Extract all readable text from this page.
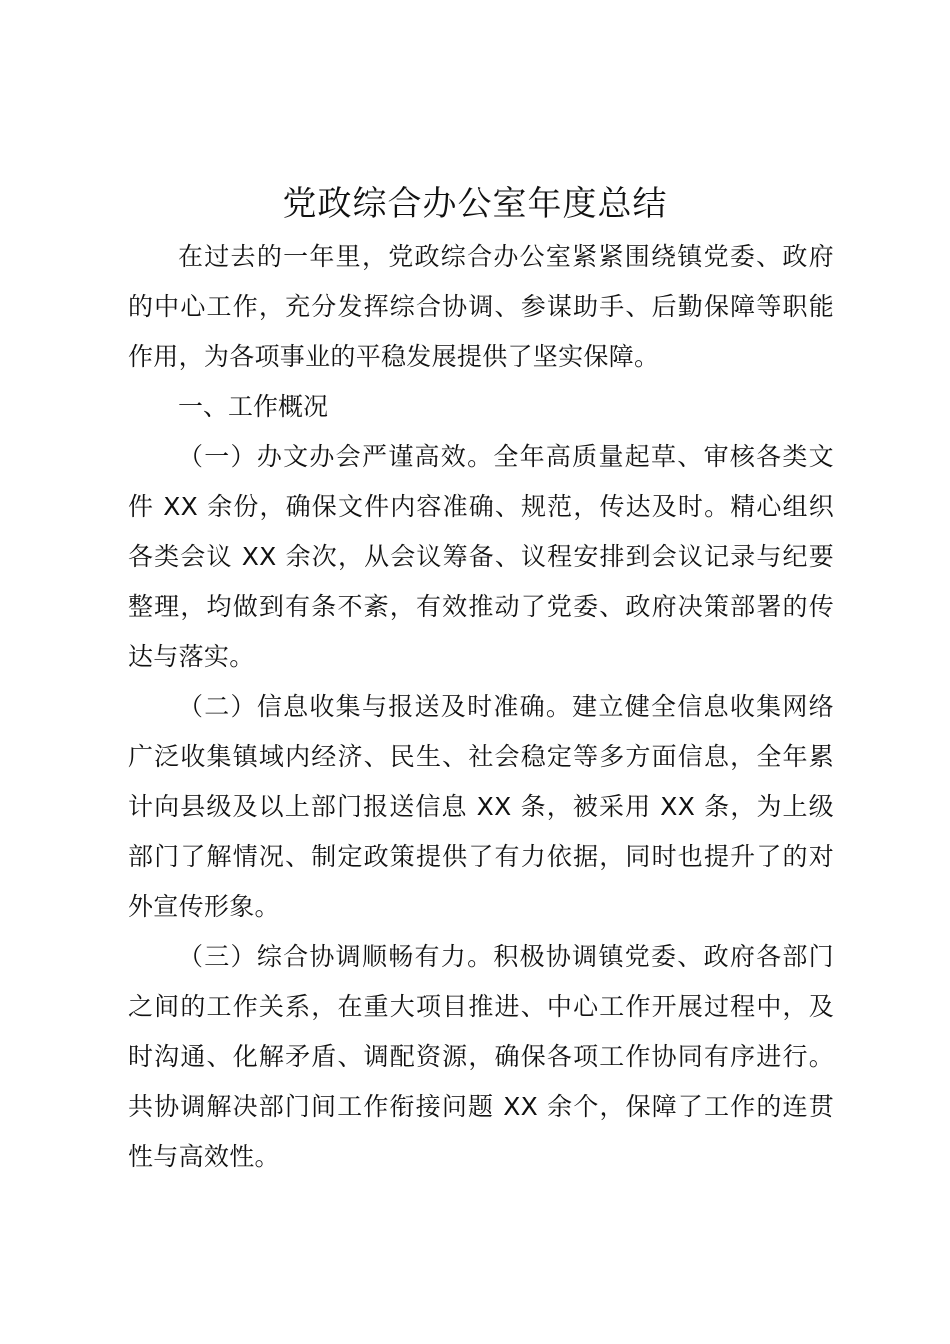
党政综合办公室年度总结

在过去的一年里，党政综合办公室紧紧围绕镇党委、政府的中心工作，充分发挥综合协调、参谋助手、后勤保障等职能作用，为各项事业的平稳发展提供了坚实保障。

一、工作概况

（一）办文办会严谨高效。全年高质量起草、审核各类文件 XX 余份，确保文件内容准确、规范，传达及时。精心组织各类会议 XX 余次，从会议筹备、议程安排到会议记录与纪要整理，均做到有条不紊，有效推动了党委、政府决策部署的传达与落实。

（二）信息收集与报送及时准确。建立健全信息收集网络广泛收集镇域内经济、民生、社会稳定等多方面信息，全年累计向县级及以上部门报送信息 XX 条，被采用 XX 条，为上级部门了解情况、制定政策提供了有力依据，同时也提升了的对外宣传形象。

（三）综合协调顺畅有力。积极协调镇党委、政府各部门之间的工作关系，在重大项目推进、中心工作开展过程中，及时沟通、化解矛盾、调配资源，确保各项工作协同有序进行。共协调解决部门间工作衔接问题 XX 余个，保障了工作的连贯性与高效性。
